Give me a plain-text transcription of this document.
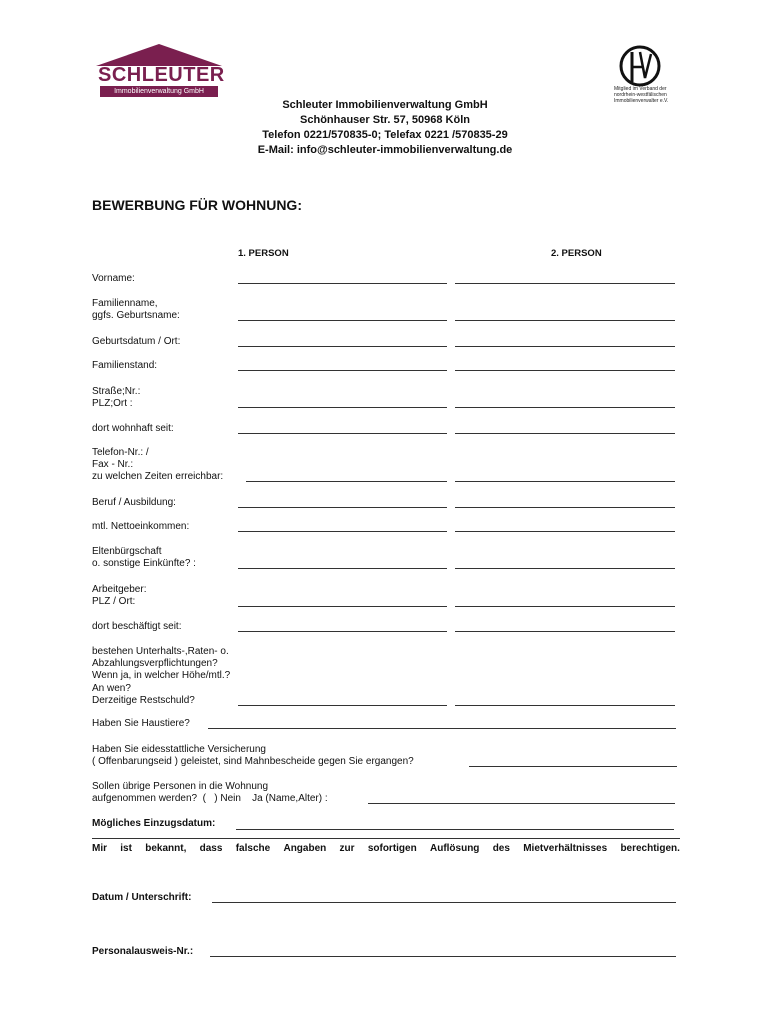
SCHLEUTER
Immobilienverwaltung GmbH	Mitglied im Verband der nordrhein-westfälischen Immobilienverwalter e.V.
Schleuter Immobilienverwaltung GmbH
Schönhauser Str. 57, 50968 Köln
Telefon 0221/570835-0; Telefax 0221 /570835-29
E-Mail: info@schleuter-immobilienverwaltung.de
BEWERBUNG FÜR WOHNUNG:
1. PERSON	2. PERSON
Vorname:
Familienname,
ggfs. Geburtsname:
Geburtsdatum / Ort:
Familienstand:
Straße;Nr.:
PLZ;Ort :
dort wohnhaft seit:
Telefon-Nr.: /
Fax - Nr.:
zu welchen Zeiten erreichbar:
Beruf / Ausbildung:
mtl. Nettoeinkommen:
Eltenbürgschaft
o. sonstige Einkünfte? :
Arbeitgeber:
PLZ / Ort:
dort beschäftigt seit:
bestehen Unterhalts-,Raten- o.
Abzahlungsverpflichtungen?
Wenn ja, in welcher Höhe/mtl.?
An wen?
Derzeitige Restschuld?
Haben Sie Haustiere?
Haben Sie eidesstattliche Versicherung
( Offenbarungseid ) geleistet, sind Mahnbescheide gegen Sie ergangen?
Sollen übrige Personen in die Wohnung
aufgenommen werden?  (   ) Nein    Ja (Name,Alter) :
Mögliches Einzugsdatum:
Mir ist bekannt, dass falsche Angaben zur sofortigen Auflösung des Mietverhältnisses berechtigen.
Datum / Unterschrift:
Personalausweis-Nr.:
